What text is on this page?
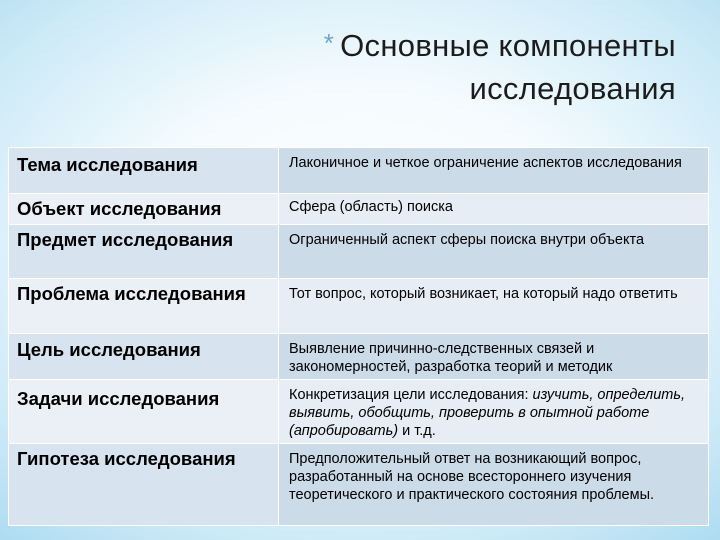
* Основные компоненты
исследования
Тема исследования	Лаконичное и четкое ограничение аспектов исследования
Объект исследования	Сфера (область) поиска
Предмет исследования	Ограниченный аспект сферы поиска внутри объекта
Проблема исследования	Тот вопрос, который возникает, на который надо ответить
Цель исследования	Выявление причинно-следственных связей и закономерностей, разработка теорий и методик
Задачи исследования	Конкретизация цели исследования: изучить, определить, выявить, обобщить, проверить в опытной работе (апробировать) и т.д.
Гипотеза исследования	Предположительный ответ на возникающий вопрос, разработанный на основе всестороннего изучения теоретического и практического состояния проблемы.
